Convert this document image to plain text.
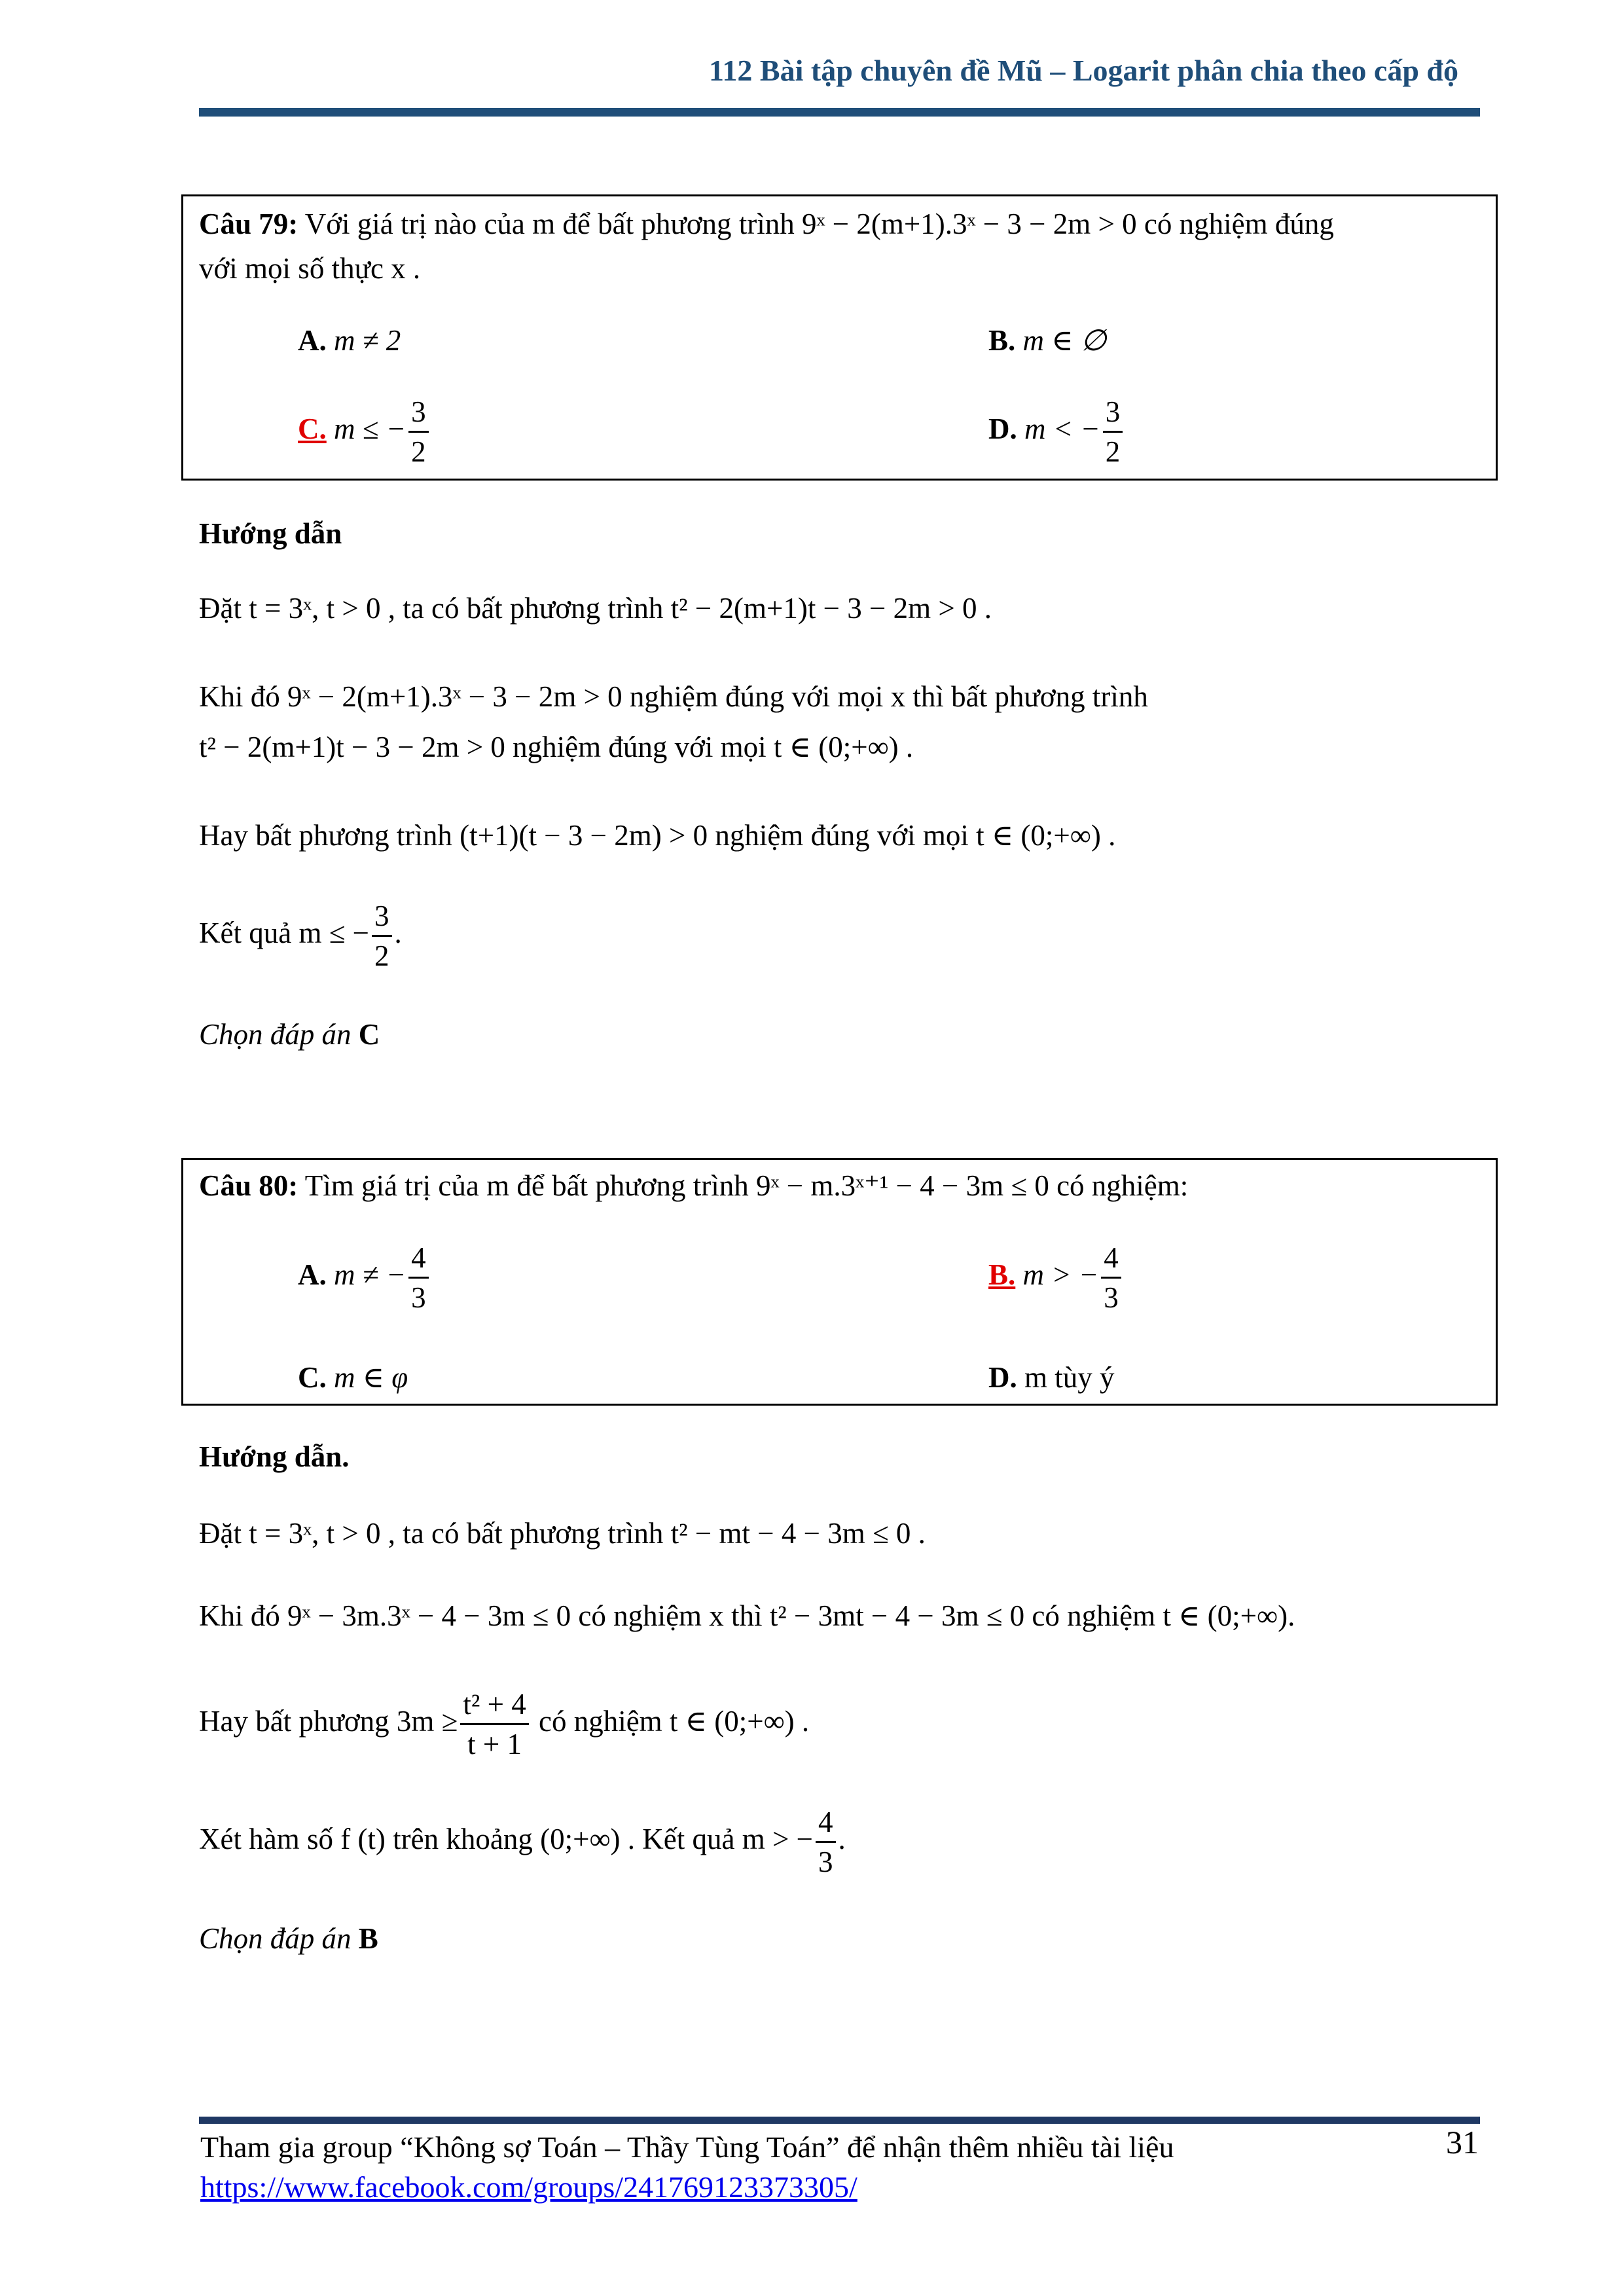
112 Bài tập chuyên đề Mũ – Logarit phân chia theo cấp độ
Câu 79: Với giá trị nào của m để bất phương trình 9ˣ − 2(m+1).3ˣ − 3 − 2m > 0 có nghiệm đúng
với mọi số thực x .
A. m ≠ 2	B. m ∈ ∅
C. m ≤ − $\frac{3}{2}$	D. m < − $\frac{3}{2}$
Hướng dẫn
Đặt t = 3ˣ, t > 0 , ta có bất phương trình t² − 2(m+1)t − 3 − 2m > 0 .
Khi đó 9ˣ − 2(m+1).3ˣ − 3 − 2m > 0 nghiệm đúng với mọi x thì bất phương trình
t² − 2(m+1)t − 3 − 2m > 0 nghiệm đúng với mọi t ∈ (0;+∞) .
Hay bất phương trình (t+1)(t − 3 − 2m) > 0 nghiệm đúng với mọi t ∈ (0;+∞) .
Kết quả m ≤ − $\frac{3}{2}$ .
Chọn đáp án C
Câu 80: Tìm giá trị của m để bất phương trình 9ˣ − m.3ˣ⁺¹ − 4 − 3m ≤ 0 có nghiệm:
A. m ≠ − $\frac{4}{3}$	B. m > − $\frac{4}{3}$
C. m ∈ φ	D. m tùy ý
Hướng dẫn.
Đặt t = 3ˣ, t > 0 , ta có bất phương trình t² − mt − 4 − 3m ≤ 0 .
Khi đó 9ˣ − 3m.3ˣ − 4 − 3m ≤ 0 có nghiệm x thì t² − 3mt − 4 − 3m ≤ 0 có nghiệm t ∈ (0;+∞).
Hay bất phương $3m \ge \frac{\text{t² + 4}}{t + 1}$ có nghiệm t ∈ (0;+∞) .
Xét hàm số f (t) trên khoảng (0;+∞) . Kết quả m > − $\frac{4}{3}$ .
Chọn đáp án B
Tham gia group “Không sợ Toán – Thầy Tùng Toán” để nhận thêm nhiều tài liệu	31
https://www.facebook.com/groups/241769123373305/
